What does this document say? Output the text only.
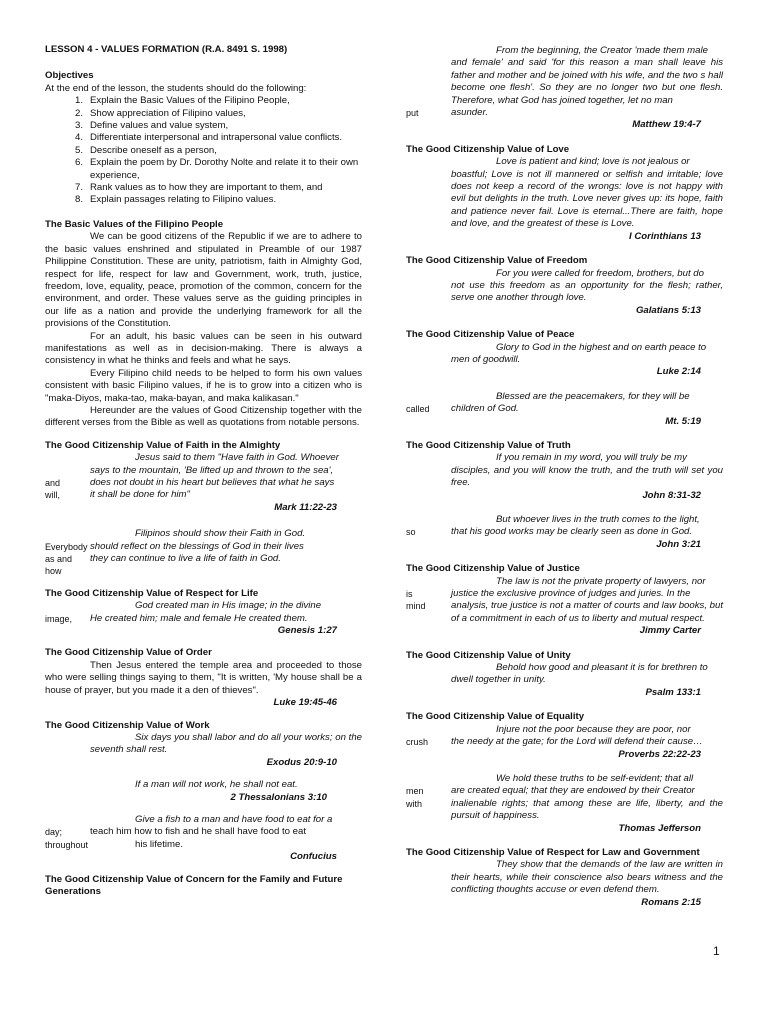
LESSON 4 - VALUES FORMATION (R.A. 8491 S. 1998)

Objectives

At the end of the lesson, the students should do the following:

1. Explain the Basic Values of the Filipino People,
2. Show appreciation of Filipino values,
3. Define values and value system,
4. Differentiate interpersonal and intrapersonal value conflicts.
5. Describe oneself as a person,
6. Explain the poem by Dr. Dorothy Nolte and relate it to their own experience,
7. Rank values as to how they are important to them, and
8. Explain passages relating to Filipino values.

The Basic Values of the Filipino People

We can be good citizens of the Republic if we are to adhere to the basic values enshrined and stipulated in Preamble of our 1987 Philippine Constitution. These are unity, patriotism, faith in Almighty God, respect for life, respect for law and Government, work, truth, justice, freedom, love, equality, peace, promotion of the common, concern for the environment, and order. These values serve as the guiding principles in our life as a nation and provide the underlying framework for all the provisions of the Constitution.

For an adult, his basic values can be seen in his outward manifestations as well as in decision-making. There is always a consistency in what he thinks and feels and what he says.

Every Filipino child needs to be helped to form his own values consistent with basic Filipino values, if he is to grow into a citizen who is "maka-Diyos, maka-tao, maka-bayan, and maka kalikasan."

Hereunder are the values of Good Citizenship together with the different verses from the Bible as well as quotations from notable persons.

The Good Citizenship Value of Faith in the Almighty

Jesus said to them "Have faith in God. Whoever

says to the mountain, 'Be lifted up and thrown to the sea',
and	does not doubt in his heart but believes that what he says
will,	it shall be done for him"

Mark 11:22-23

Filipinos should show their Faith in God.

Everybody should reflect on the blessings of God in their lives
as and how
they can continue to live a life of faith in God.

The Good Citizenship Value of Respect for Life

God created man in His image; in the divine

image,	He created him; male and female He created them.

Genesis 1:27

The Good Citizenship Value of Order

Then Jesus entered the temple area and proceeded to those who were selling things saying to them, "It is written, 'My house shall be a house of prayer, but you made it a den of thieves".

Luke 19:45-46

The Good Citizenship Value of Work

Six days you shall labor and do all your works; on the seventh shall rest.

Exodus 20:9-10

If a man will not work, he shall not eat.

2 Thessalonians 3:10

Give a fish to a man and have food to eat for a

day;	teach him how to fish and he shall have food to eat
throughout	his lifetime.

Confucius

The Good Citizenship Value of Concern for the Family and Future Generations

From the beginning, the Creator 'made them male

and female' and said 'for this reason a man shall leave his father and mother and be joined with his wife, and the two s hall become one flesh'. So they are no longer two but one flesh. Therefore, what God has joined together, let no man

put	asunder.

Matthew 19:4-7

The Good Citizenship Value of Love

Love is patient and kind; love is not jealous or

boastful; Love is not ill mannered or selfish and irritable; love does not keep a record of the wrongs: love is not happy with evil but delights in the truth. Love never gives up: its hope, faith and patience never fail. Love is eternal...There are faith, hope and love, and the greatest of these is Love.

I Corinthians 13

The Good Citizenship Value of Freedom

For you were called for freedom, brothers, but do

not use this freedom as an opportunity for the flesh; rather, serve one another through love.

Galatians 5:13

The Good Citizenship Value of Peace

Glory to God in the highest and on earth peace to

men of goodwill.

Luke 2:14

Blessed are the peacemakers, for they will be

called	children of God.

Mt. 5:19

The Good Citizenship Value of Truth

If you remain in my word, you will truly be my

disciples, and you will know the truth, and the truth will set you free.

John 8:31-32

But whoever lives in the truth comes to the light,

so	that his good works may be clearly seen as done in God.

John 3:21

The Good Citizenship Value of Justice

The law is not the private property of lawyers, nor

is	justice the exclusive province of judges and juries. In the
mind	analysis, true justice is not a matter of courts and law books, but of a commitment in each of us to liberty and mutual respect.

Jimmy Carter

The Good Citizenship Value of Unity

Behold how good and pleasant it is for brethren to

dwell together in unity.

Psalm 133:1

The Good Citizenship Value of Equality

Injure not the poor because they are poor, nor

crush	the needy at the gate; for the Lord will defend their cause…

Proverbs 22:22-23

We hold these truths to be self-evident; that all

men	are created equal; that they are endowed by their Creator
with	inalienable rights; that among these are life, liberty, and the pursuit of happiness.

Thomas Jefferson

The Good Citizenship Value of Respect for Law and Government

They show that the demands of the law are written in their hearts, while their conscience also bears witness and the conflicting thoughts accuse or even defend them.

Romans 2:15

1
